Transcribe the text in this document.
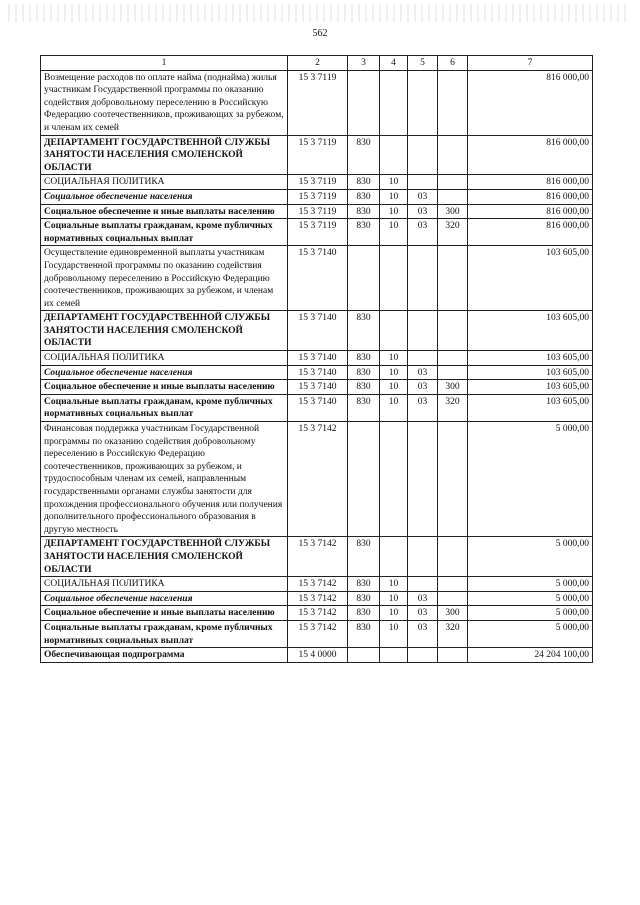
562
1	2	3	4	5	6	7
Возмещение расходов по оплате найма (поднайма) жилья участникам Государственной программы по оказанию содействия добровольному переселению в Российскую Федерацию соотечественников, проживающих за рубежом, и членам их семей	15 3 7119					816 000,00
ДЕПАРТАМЕНТ ГОСУДАРСТВЕННОЙ СЛУЖБЫ ЗАНЯТОСТИ НАСЕЛЕНИЯ СМОЛЕНСКОЙ ОБЛАСТИ	15 3 7119	830				816 000,00
СОЦИАЛЬНАЯ ПОЛИТИКА	15 3 7119	830	10			816 000,00
Социальное обеспечение населения	15 3 7119	830	10	03		816 000,00
Социальное обеспечение и иные выплаты населению	15 3 7119	830	10	03	300	816 000,00
Социальные выплаты гражданам, кроме публичных нормативных социальных выплат	15 3 7119	830	10	03	320	816 000,00
Осуществление единовременной выплаты участникам Государственной программы по оказанию содействия добровольному переселению в Российскую Федерацию соотечественников, проживающих за рубежом, и членам их семей	15 3 7140					103 605,00
ДЕПАРТАМЕНТ ГОСУДАРСТВЕННОЙ СЛУЖБЫ ЗАНЯТОСТИ НАСЕЛЕНИЯ СМОЛЕНСКОЙ ОБЛАСТИ	15 3 7140	830				103 605,00
СОЦИАЛЬНАЯ ПОЛИТИКА	15 3 7140	830	10			103 605,00
Социальное обеспечение населения	15 3 7140	830	10	03		103 605,00
Социальное обеспечение и иные выплаты населению	15 3 7140	830	10	03	300	103 605,00
Социальные выплаты гражданам, кроме публичных нормативных социальных выплат	15 3 7140	830	10	03	320	103 605,00
Финансовая поддержка участникам Государственной программы по оказанию содействия добровольному переселению в Российскую Федерацию соотечественников, проживающих за рубежом, и трудоспособным членам их семей, направленным государственными органами службы занятости для прохождения профессионального обучения или получения дополнительного профессионального образования в другую местность	15 3 7142					5 000,00
ДЕПАРТАМЕНТ ГОСУДАРСТВЕННОЙ СЛУЖБЫ ЗАНЯТОСТИ НАСЕЛЕНИЯ СМОЛЕНСКОЙ ОБЛАСТИ	15 3 7142	830				5 000,00
СОЦИАЛЬНАЯ ПОЛИТИКА	15 3 7142	830	10			5 000,00
Социальное обеспечение населения	15 3 7142	830	10	03		5 000,00
Социальное обеспечение и иные выплаты населению	15 3 7142	830	10	03	300	5 000,00
Социальные выплаты гражданам, кроме публичных нормативных социальных выплат	15 3 7142	830	10	03	320	5 000,00
Обеспечивающая подпрограмма	15 4 0000					24 204 100,00
